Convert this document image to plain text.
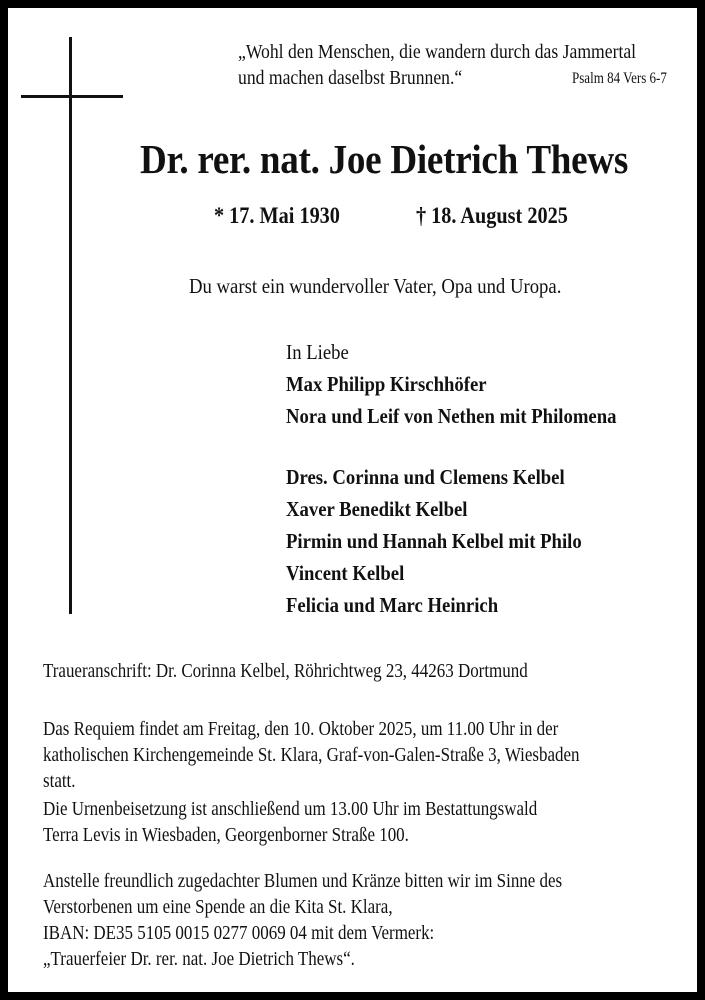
„Wohl den Menschen, die wandern durch das Jammertal
und machen daselbst Brunnen.“	Psalm 84 Vers 6-7
Dr. rer. nat. Joe Dietrich Thews
* 17. Mai 1930	† 18. August 2025
Du warst ein wundervoller Vater, Opa und Uropa.
In Liebe
Max Philipp Kirschhöfer
Nora und Leif von Nethen mit Philomena
Dres. Corinna und Clemens Kelbel
Xaver Benedikt Kelbel
Pirmin und Hannah Kelbel mit Philo
Vincent Kelbel
Felicia und Marc Heinrich
Traueranschrift: Dr. Corinna Kelbel, Röhrichtweg 23, 44263 Dortmund
Das Requiem findet am Freitag, den 10. Oktober 2025, um 11.00 Uhr in der
katholischen Kirchengemeinde St. Klara, Graf-von-Galen-Straße 3, Wiesbaden
statt.
Die Urnenbeisetzung ist anschließend um 13.00 Uhr im Bestattungswald
Terra Levis in Wiesbaden, Georgenborner Straße 100.
Anstelle freundlich zugedachter Blumen und Kränze bitten wir im Sinne des
Verstorbenen um eine Spende an die Kita St. Klara,
IBAN: DE35 5105 0015 0277 0069 04 mit dem Vermerk:
„Trauerfeier Dr. rer. nat. Joe Dietrich Thews“.
